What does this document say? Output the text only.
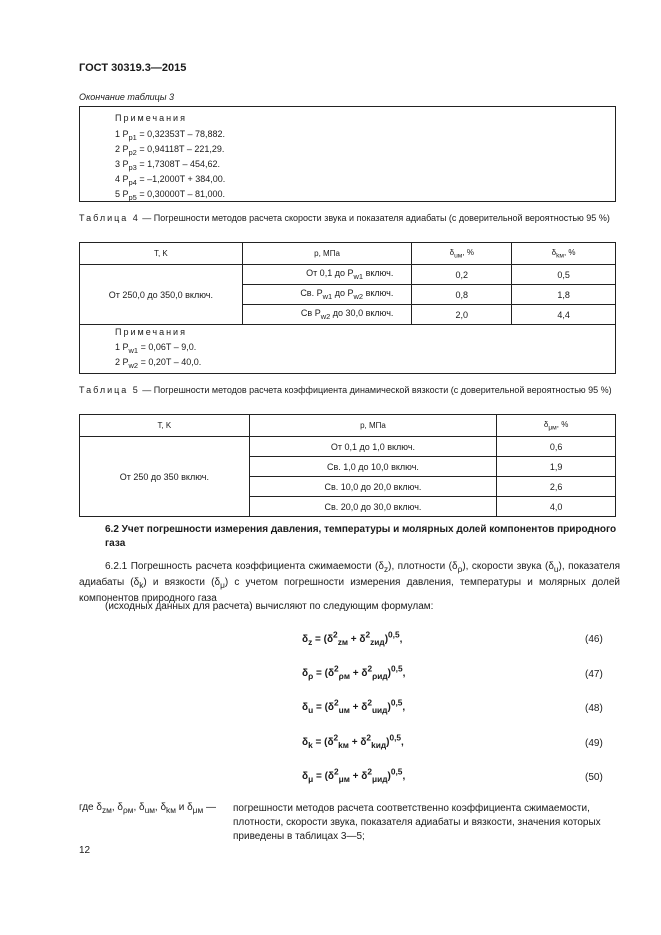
ГОСТ 30319.3—2015
Окончание таблицы 3
Примечания
1 $P_{p1} = 0,32353T - 78,882$.
2 $P_{p2} = 0,94118T - 221,29$.
3 $P_{p3} = 1,7308T - 454,62$.
4 $P_{p4} = -1,2000T + 384,00$.
5 $P_{p5} = 0,30000T - 81,000$.
Таблица 4 — Погрешности методов расчета скорости звука и показателя адиабаты (с доверительной вероятностью 95 %)
T, K	p, МПа	$\delta_{uм}$, %	$\delta_{kм}$, %
От 250,0 до 350,0 включ.	От 0,1 до $P_{w1}$ включ.	0,2	0,5
	Св. $P_{w1}$ до $P_{w2}$ включ.	0,8	1,8
	Св $P_{w2}$ до 30,0 включ.	2,0	4,4
Примечания
1 $P_{w1} = 0,06T - 9,0$.
2 $P_{w2} = 0,20T - 40,0$.
Таблица 5 — Погрешности методов расчета коэффициента динамической вязкости (с доверительной вероятностью 95 %)
T, K	p, МПа	$\delta_{\mu м}$, %
От 250 до 350 включ.	От 0,1 до 1,0 включ.	0,6
	Св. 1,0 до 10,0 включ.	1,9
	Св. 10,0 до 20,0 включ.	2,6
	Св. 20,0 до 30,0 включ.	4,0
6.2 Учет погрешности измерения давления, температуры и молярных долей компонентов природного газа
6.2.1 Погрешность расчета коэффициента сжимаемости $(\delta_z)$, плотности $(\delta_\rho)$, скорости звука $(\delta_u)$, показателя адиабаты $(\delta_k)$ и вязкости $(\delta_\mu)$ с учетом погрешности измерения давления, температуры и молярных долей компонентов природного газа
(исходных данных для расчета) вычисляют по следующим формулам:
$\delta_z = (\delta^2_{zм} + \delta^2_{zид})^{0,5}$,	(46)
$\delta_\rho = (\delta^2_{\rho м} + \delta^2_{\rho ид})^{0,5}$,	(47)
$\delta_u = (\delta^2_{uм} + \delta^2_{uид})^{0,5}$,	(48)
$\delta_k = (\delta^2_{kм} + \delta^2_{kид})^{0,5}$,	(49)
$\delta_\mu = (\delta^2_{\mu м} + \delta^2_{\mu ид})^{0,5}$,	(50)
где $\delta_{zм}$, $\delta_{\rho м}$, $\delta_{uм}$, $\delta_{kм}$ и $\delta_{\mu м}$ — погрешности методов расчета соответственно коэффициента сжимаемости, плотности, скорости звука, показателя адиабаты и вязкости, значения которых приведены в таблицах 3—5;
12
